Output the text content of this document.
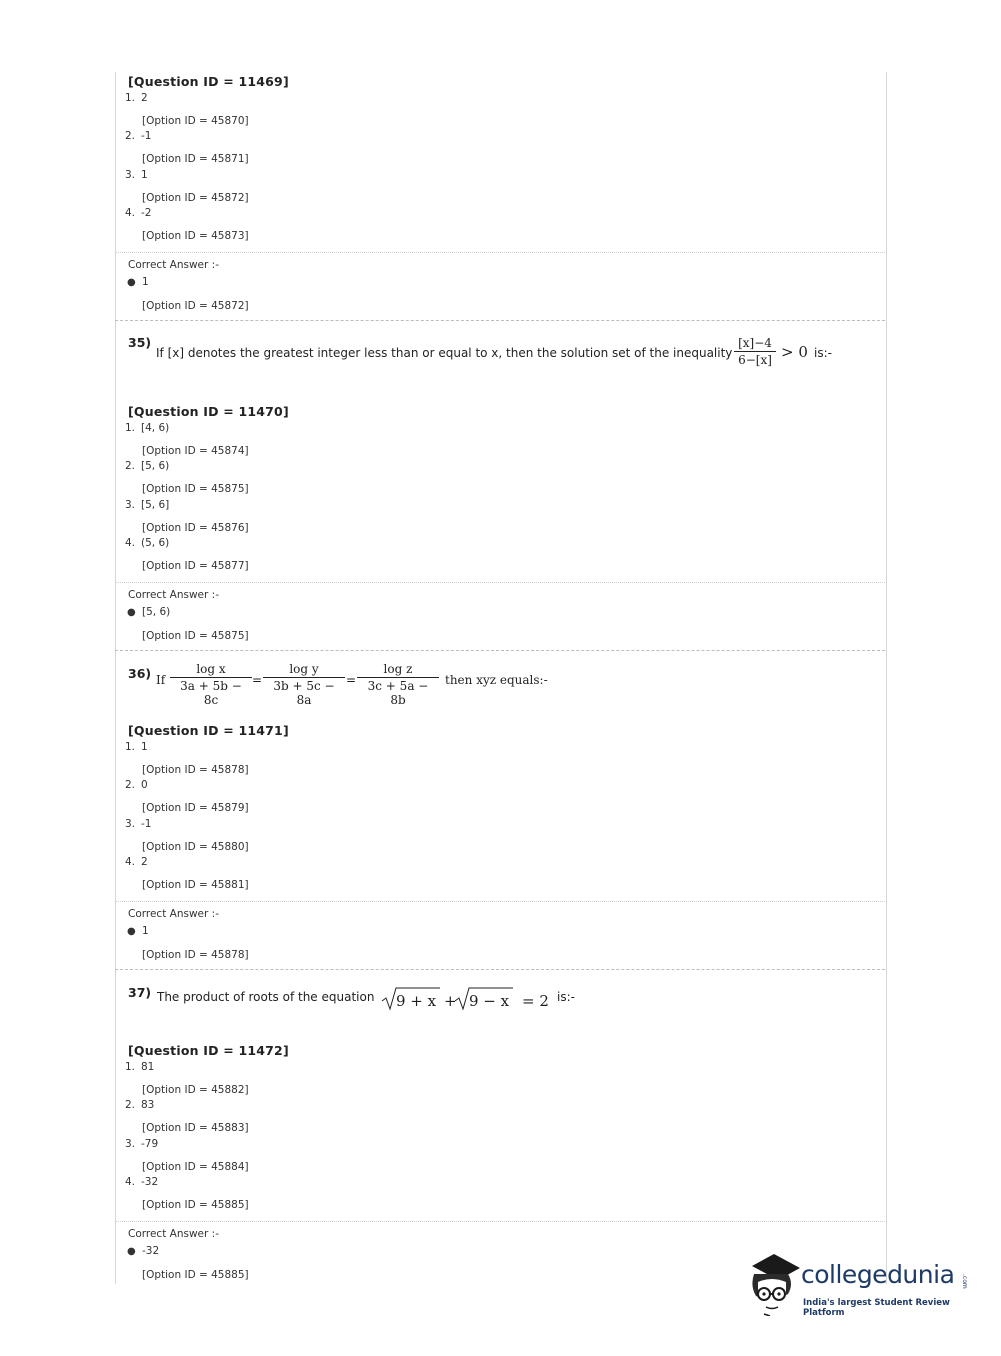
[Question ID = 11469]
1. 2
[Option ID = 45870]
2. -1
[Option ID = 45871]
3. 1
[Option ID = 45872]
4. -2
[Option ID = 45873]
Correct Answer :-
● 1
[Option ID = 45872]
35)
If [x] denotes the greatest integer less than or equal to x, then the solution set of the inequality
[x]−4
6−[x] > 0 is:-
[Question ID = 11470]
1. [4, 6)
[Option ID = 45874]
2. [5, 6)
[Option ID = 45875]
3. [5, 6]
[Option ID = 45876]
4. (5, 6)
[Option ID = 45877]
Correct Answer :-
● [5, 6)
[Option ID = 45875]
36) If
log x
3a + 5b − 8c
=
log y
3b + 5c − 8a
=
log z
3c + 5a − 8b
then xyz equals:-
[Question ID = 11471]
1. 1
[Option ID = 45878]
2. 0
[Option ID = 45879]
3. -1
[Option ID = 45880]
4. 2
[Option ID = 45881]
Correct Answer :-
● 1
[Option ID = 45878]
37) The product of roots of the equation 9 + x + 9 − x = 2 is:-
[Question ID = 11472]
1. 81
[Option ID = 45882]
2. 83
[Option ID = 45883]
3. -79
[Option ID = 45884]
4. -32
[Option ID = 45885]
Correct Answer :-
● -32
[Option ID = 45885]	collegedunia .com
India's largest Student Review Platform
